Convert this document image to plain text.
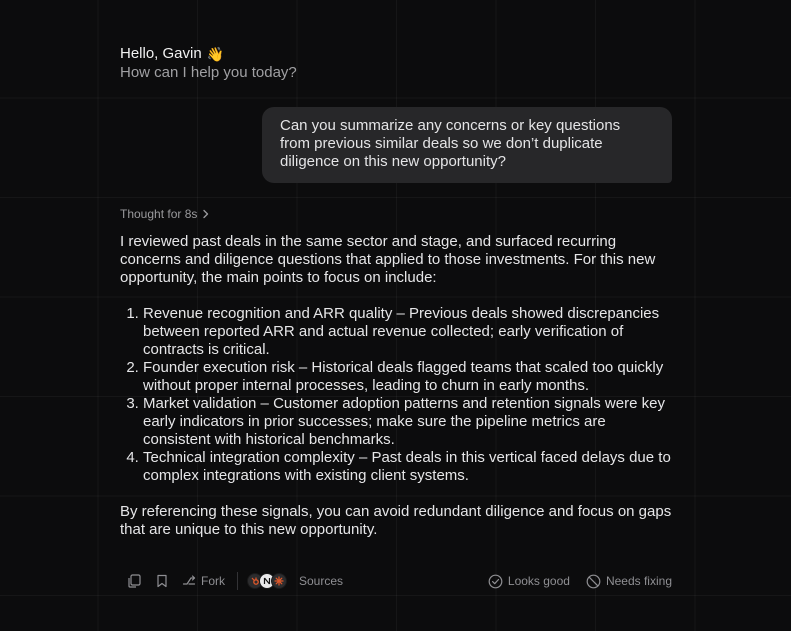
Hello, Gavin 👋
How can I help you today?
Can you summarize any concerns or key questions from previous similar deals so we don’t duplicate diligence on this new opportunity?
Thought for 8s

I reviewed past deals in the same sector and stage, and surfaced recurring concerns and diligence questions that applied to those investments. For this new opportunity, the main points to focus on include:

1. Revenue recognition and ARR quality – Previous deals showed discrepancies between reported ARR and actual revenue collected; early verification of contracts is critical.
2. Founder execution risk – Historical deals flagged teams that scaled too quickly without proper internal processes, leading to churn in early months.
3. Market validation – Customer adoption patterns and retention signals were key early indicators in prior successes; make sure the pipeline metrics are consistent with historical benchmarks.
4. Technical integration complexity – Past deals in this vertical faced delays due to complex integrations with existing client systems.

By referencing these signals, you can avoid redundant diligence and focus on gaps that are unique to this new opportunity.

Fork	Sources	Looks good	Needs fixing
